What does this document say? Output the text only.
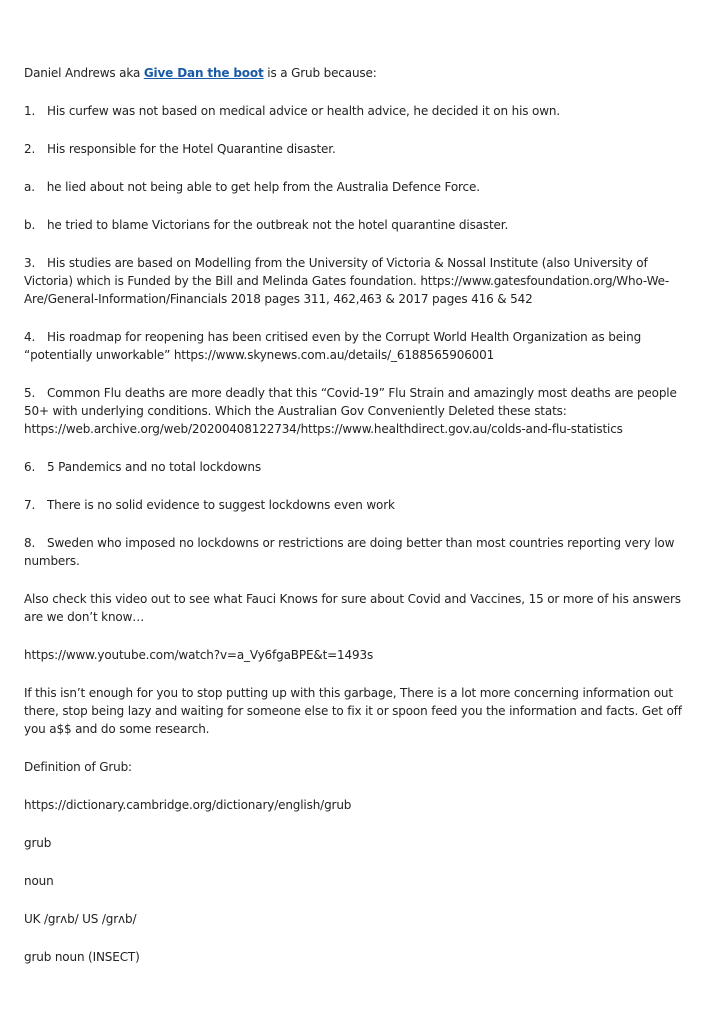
Daniel Andrews aka Give Dan the boot is a Grub because:

1. His curfew was not based on medical advice or health advice, he decided it on his own.

2. His responsible for the Hotel Quarantine disaster.

a. he lied about not being able to get help from the Australia Defence Force.

b. he tried to blame Victorians for the outbreak not the hotel quarantine disaster.

3. His studies are based on Modelling from the University of Victoria & Nossal Institute (also University of Victoria) which is Funded by the Bill and Melinda Gates foundation. https://www.gatesfoundation.org/Who-We-Are/General-Information/Financials 2018 pages 311, 462,463 & 2017 pages 416 & 542

4. His roadmap for reopening has been critised even by the Corrupt World Health Organization as being “potentially unworkable” https://www.skynews.com.au/details/_6188565906001

5. Common Flu deaths are more deadly that this “Covid-19” Flu Strain and amazingly most deaths are people 50+ with underlying conditions. Which the Australian Gov Conveniently Deleted these stats: https://web.archive.org/web/20200408122734/https://www.healthdirect.gov.au/colds-and-flu-statistics

6. 5 Pandemics and no total lockdowns

7. There is no solid evidence to suggest lockdowns even work

8. Sweden who imposed no lockdowns or restrictions are doing better than most countries reporting very low numbers.

Also check this video out to see what Fauci Knows for sure about Covid and Vaccines, 15 or more of his answers are we don’t know…

https://www.youtube.com/watch?v=a_Vy6fgaBPE&t=1493s

If this isn’t enough for you to stop putting up with this garbage, There is a lot more concerning information out there, stop being lazy and waiting for someone else to fix it or spoon feed you the information and facts. Get off you a$$ and do some research.

Definition of Grub:

https://dictionary.cambridge.org/dictionary/english/grub

grub

noun

UK /grʌb/ US /grʌb/

grub noun (INSECT)
